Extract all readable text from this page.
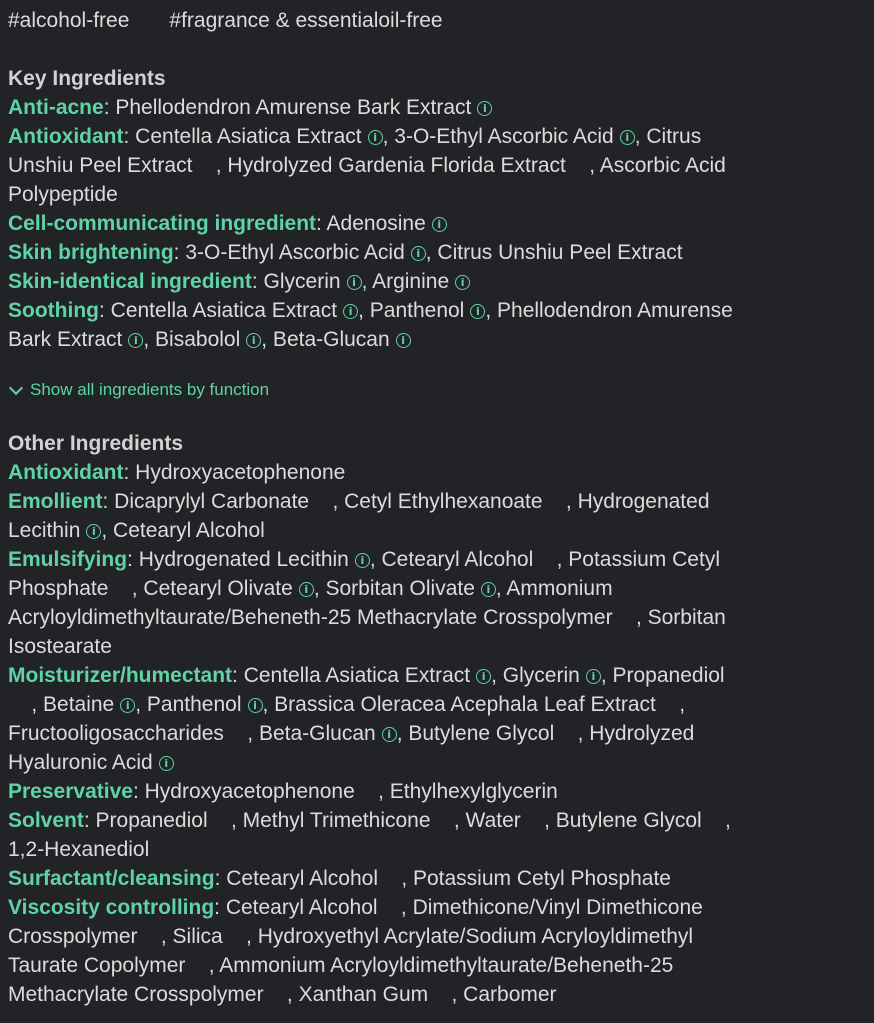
#alcohol-free #fragrance & essentialoil-free
Key Ingredients
Anti-acne: Phellodendron Amurense Bark Extract i
Antioxidant: Centella Asiatica Extract i , 3-O-Ethyl Ascorbic Acid i , Citrus
Unshiu Peel Extract    , Hydrolyzed Gardenia Florida Extract    , Ascorbic Acid
Polypeptide
Cell-communicating ingredient: Adenosine i
Skin brightening: 3-O-Ethyl Ascorbic Acid i , Citrus Unshiu Peel Extract
Skin-identical ingredient: Glycerin i , Arginine i
Soothing: Centella Asiatica Extract i , Panthenol i , Phellodendron Amurense
Bark Extract i , Bisabolol i , Beta-Glucan i
Show all ingredients by function
Other Ingredients
Antioxidant: Hydroxyacetophenone
Emollient: Dicaprylyl Carbonate    , Cetyl Ethylhexanoate    , Hydrogenated
Lecithin i , Cetearyl Alcohol
Emulsifying: Hydrogenated Lecithin i , Cetearyl Alcohol    , Potassium Cetyl
Phosphate    , Cetearyl Olivate i , Sorbitan Olivate i , Ammonium
Acryloyldimethyltaurate/Beheneth-25 Methacrylate Crosspolymer    , Sorbitan
Isostearate
Moisturizer/humectant: Centella Asiatica Extract i , Glycerin i , Propanediol
, Betaine i , Panthenol i , Brassica Oleracea Acephala Leaf Extract    ,
Fructooligosaccharides    , Beta-Glucan i , Butylene Glycol    , Hydrolyzed
Hyaluronic Acid i
Preservative: Hydroxyacetophenone    , Ethylhexylglycerin
Solvent: Propanediol    , Methyl Trimethicone    , Water    , Butylene Glycol    ,
1,2-Hexanediol
Surfactant/cleansing: Cetearyl Alcohol    , Potassium Cetyl Phosphate
Viscosity controlling: Cetearyl Alcohol    , Dimethicone/Vinyl Dimethicone
Crosspolymer    , Silica    , Hydroxyethyl Acrylate/Sodium Acryloyldimethyl
Taurate Copolymer    , Ammonium Acryloyldimethyltaurate/Beheneth-25
Methacrylate Crosspolymer    , Xanthan Gum    , Carbomer
